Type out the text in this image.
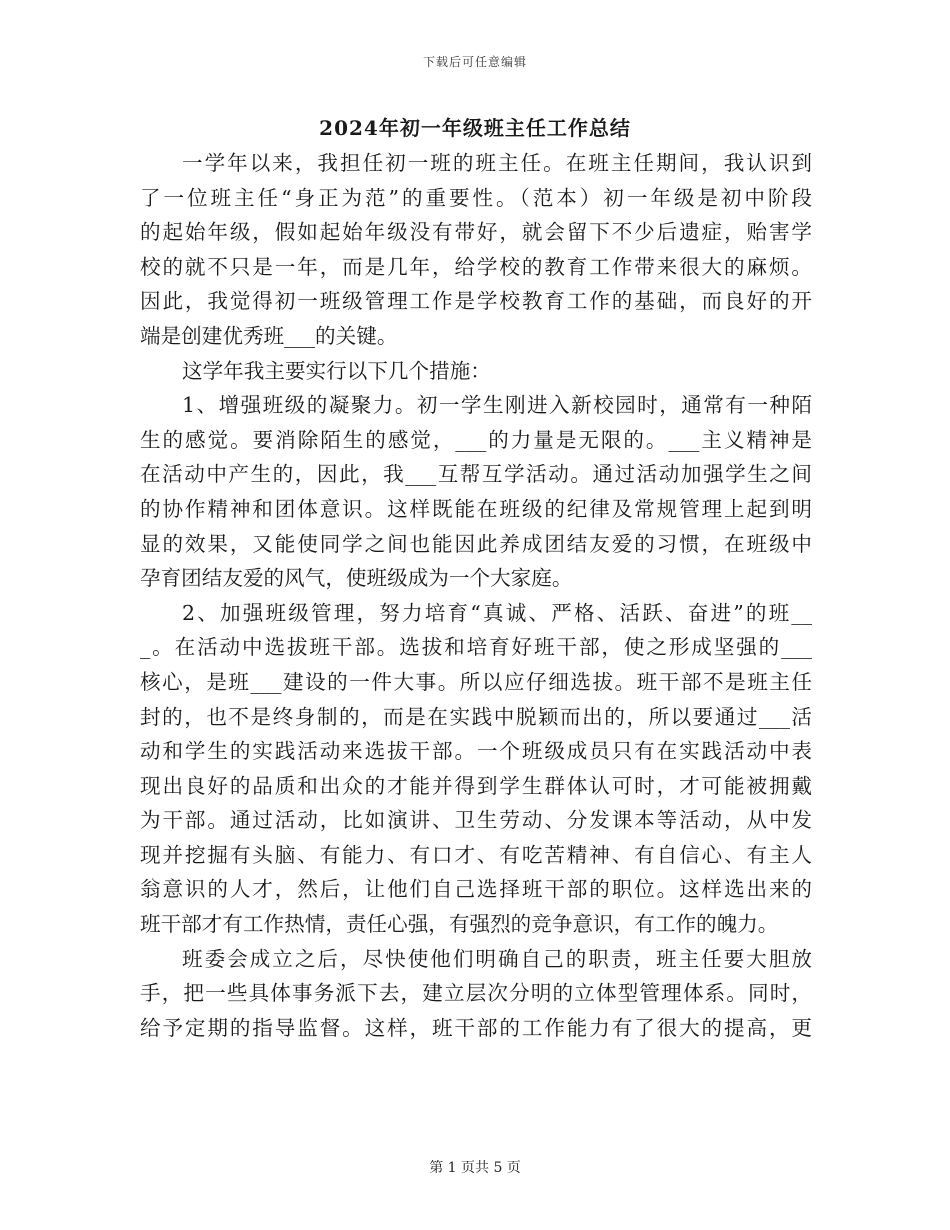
下载后可任意编辑
2024年初一年级班主任工作总结
一学年以来，我担任初一班的班主任。在班主任期间，我认识到
了一位班主任“身正为范”的重要性。（范本）初一年级是初中阶段
的起始年级，假如起始年级没有带好，就会留下不少后遗症，贻害学
校的就不只是一年，而是几年，给学校的教育工作带来很大的麻烦。
因此，我觉得初一班级管理工作是学校教育工作的基础，而良好的开
端是创建优秀班___的关键。
这学年我主要实行以下几个措施：
1、增强班级的凝聚力。初一学生刚进入新校园时，通常有一种陌
生的感觉。要消除陌生的感觉，___的力量是无限的。___主义精神是
在活动中产生的，因此，我___互帮互学活动。通过活动加强学生之间
的协作精神和团体意识。这样既能在班级的纪律及常规管理上起到明
显的效果，又能使同学之间也能因此养成团结友爱的习惯，在班级中
孕育团结友爱的风气，使班级成为一个大家庭。
2、加强班级管理，努力培育“真诚、严格、活跃、奋进”的班__
_。在活动中选拔班干部。选拔和培育好班干部，使之形成坚强的___
核心，是班___建设的一件大事。所以应仔细选拔。班干部不是班主任
封的，也不是终身制的，而是在实践中脱颖而出的，所以要通过___活
动和学生的实践活动来选拔干部。一个班级成员只有在实践活动中表
现出良好的品质和出众的才能并得到学生群体认可时，才可能被拥戴
为干部。通过活动，比如演讲、卫生劳动、分发课本等活动，从中发
现并挖掘有头脑、有能力、有口才、有吃苦精神、有自信心、有主人
翁意识的人才，然后，让他们自己选择班干部的职位。这样选出来的
班干部才有工作热情，责任心强，有强烈的竞争意识，有工作的魄力。
班委会成立之后，尽快使他们明确自己的职责，班主任要大胆放
手，把一些具体事务派下去，建立层次分明的立体型管理体系。同时，
给予定期的指导监督。这样，班干部的工作能力有了很大的提高，更
第 1 页共 5 页
